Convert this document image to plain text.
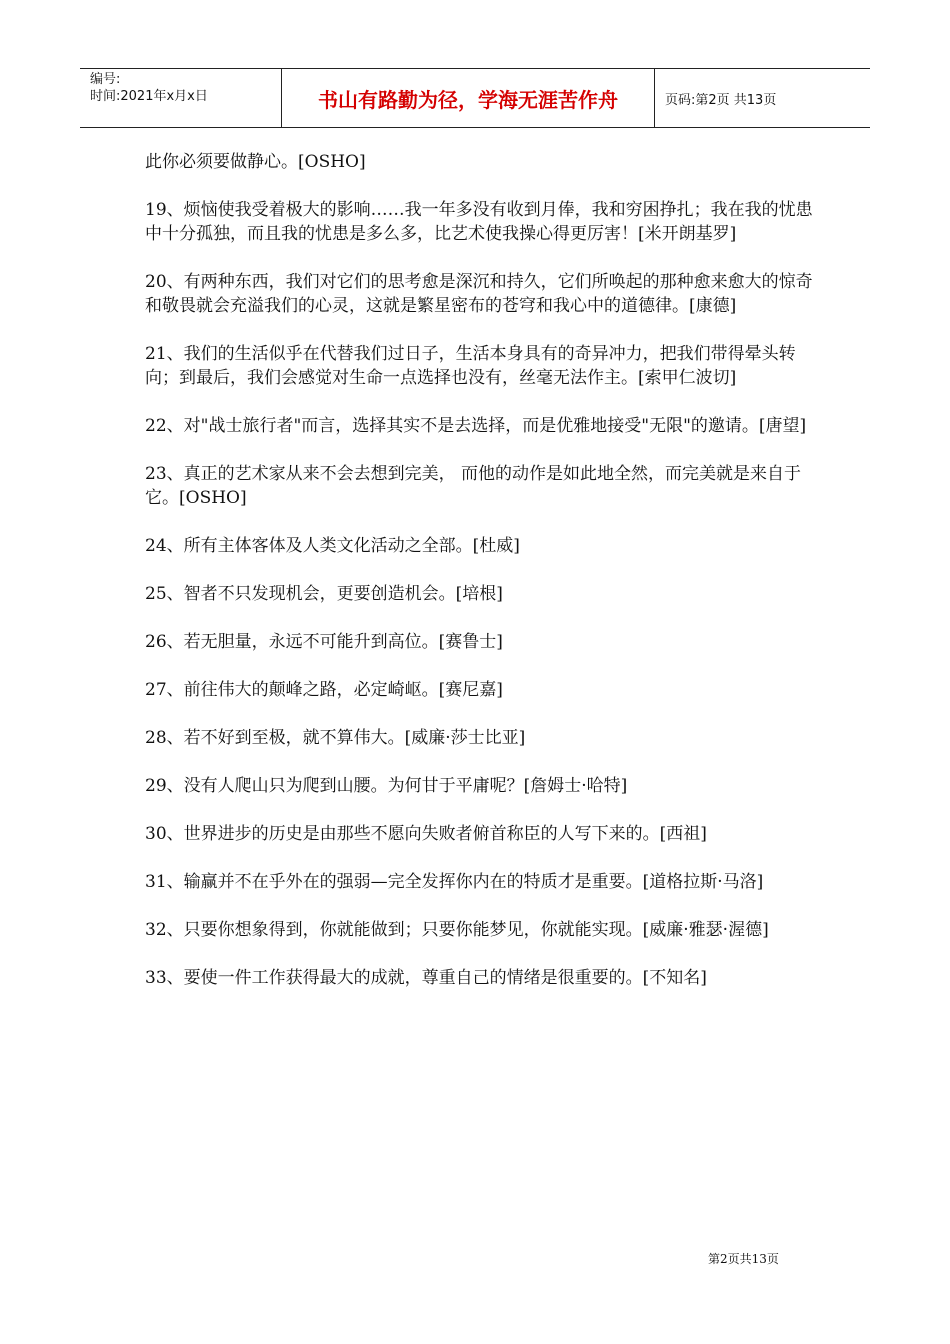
编号:
时间:2021年x月x日	书山有路勤为径，学海无涯苦作舟	页码:第2页 共13页

此你必须要做静心。[OSHO]

19、烦恼使我受着极大的影响……我一年多没有收到月俸，我和穷困挣扎；我在我的忧患中十分孤独，而且我的忧患是多么多，比艺术使我操心得更厉害！[米开朗基罗]

20、有两种东西，我们对它们的思考愈是深沉和持久，它们所唤起的那种愈来愈大的惊奇和敬畏就会充溢我们的心灵，这就是繁星密布的苍穹和我心中的道德律。[康德]

21、我们的生活似乎在代替我们过日子，生活本身具有的奇异冲力，把我们带得晕头转向；到最后，我们会感觉对生命一点选择也没有，丝毫无法作主。[索甲仁波切]

22、对"战士旅行者"而言，选择其实不是去选择，而是优雅地接受"无限"的邀请。[唐望]

23、真正的艺术家从来不会去想到完美， 而他的动作是如此地全然，而完美就是来自于它。[OSHO]

24、所有主体客体及人类文化活动之全部。[杜威]

25、智者不只发现机会，更要创造机会。[培根]

26、若无胆量，永远不可能升到高位。[赛鲁士]

27、前往伟大的颠峰之路，必定崎岖。[赛尼嘉]

28、若不好到至极，就不算伟大。[威廉·莎士比亚]

29、没有人爬山只为爬到山腰。为何甘于平庸呢？[詹姆士·哈特]

30、世界进步的历史是由那些不愿向失败者俯首称臣的人写下来的。[西祖]

31、输赢并不在乎外在的强弱—完全发挥你内在的特质才是重要。[道格拉斯·马洛]

32、只要你想象得到，你就能做到；只要你能梦见，你就能实现。[威廉·雅瑟·渥德]

33、要使一件工作获得最大的成就，尊重自己的情绪是很重要的。[不知名]

第2页共13页
